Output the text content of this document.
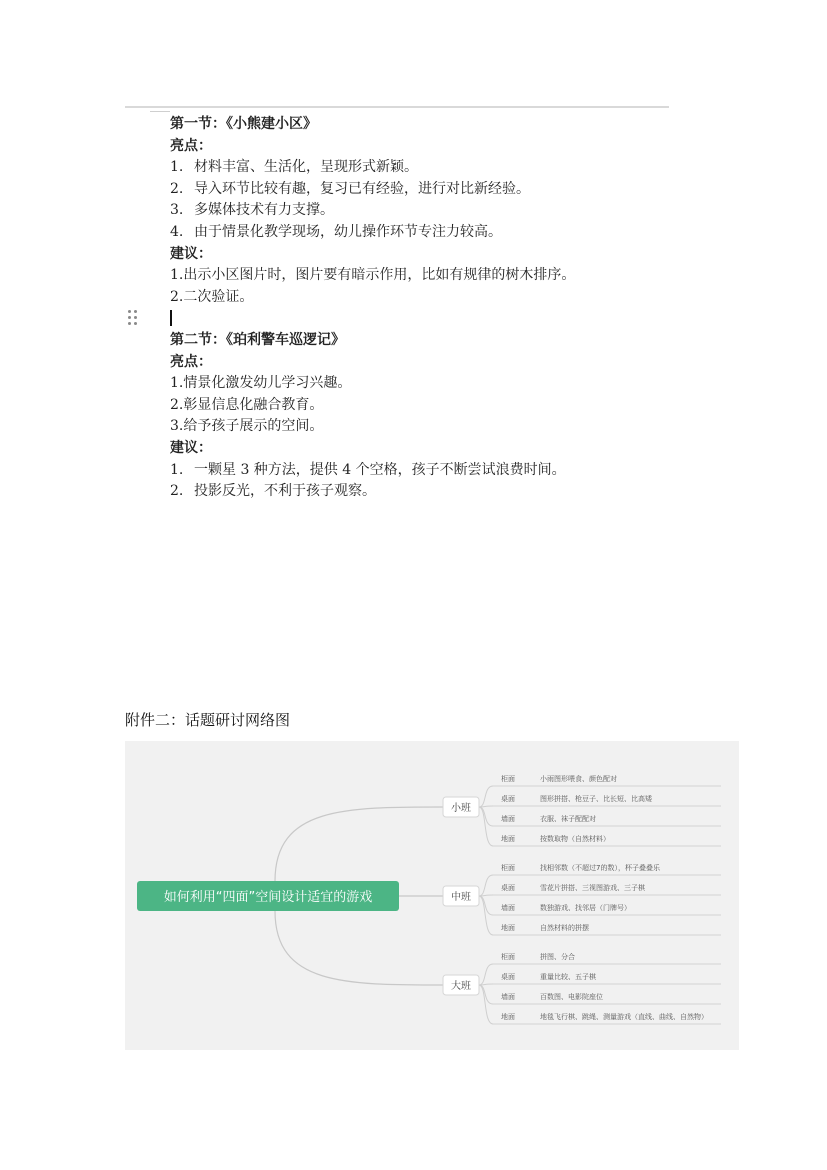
第一节：《小熊建小区》
亮点：
1. 材料丰富、生活化，呈现形式新颖。
2. 导入环节比较有趣，复习已有经验，进行对比新经验。
3. 多媒体技术有力支撑。
4. 由于情景化教学现场，幼儿操作环节专注力较高。
建议：
1.出示小区图片时，图片要有暗示作用，比如有规律的树木排序。
2.二次验证。
第二节：《珀利警车巡逻记》
亮点：
1.情景化激发幼儿学习兴趣。
2.彰显信息化融合教育。
3.给予孩子展示的空间。
建议：
1. 一颗星 3 种方法，提供 4 个空格，孩子不断尝试浪费时间。
2. 投影反光，不利于孩子观察。
附件二：话题研讨网络图
小班
柜面	小雨图形喂食、颜色配对
桌面	图形拼搭、枪豆子、比长短、比高矮
墙面	衣服、袜子配配对
地面	按数取物（自然材料）
中班
柜面	找相邻数（不超过7的数），杯子叠叠乐
桌面	雪花片拼搭、三视图游戏、三子棋
墙面	数独游戏、找邻居（门牌号）
地面	自然材料的拼摆
大班
柜面	拼图、分合
桌面	重量比较、五子棋
墙面	百数图、电影院座位
地面	地毯飞行棋、跳绳、测量游戏（直线、曲线、自然物）
如何利用“四面”空间设计适宜的游戏
